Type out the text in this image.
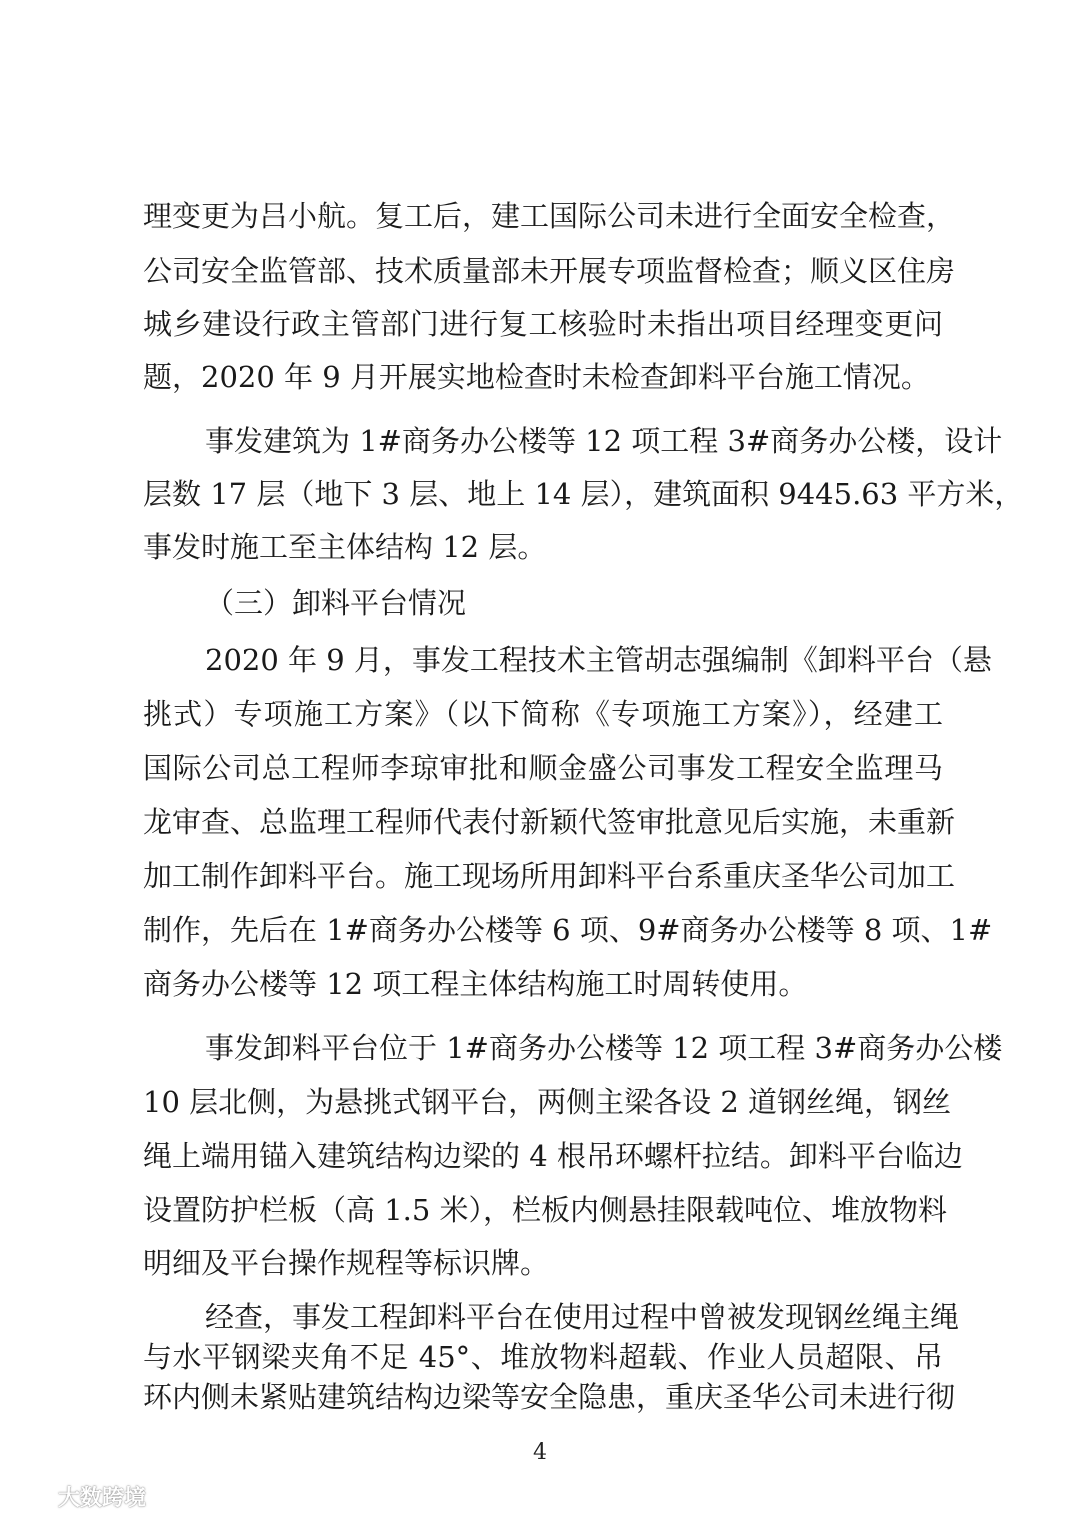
理变更为吕小航。复工后，建工国际公司未进行全面安全检查，
公司安全监管部、技术质量部未开展专项监督检查；顺义区住房
城乡建设行政主管部门进行复工核验时未指出项目经理变更问
题，2020 年 9 月开展实地检查时未检查卸料平台施工情况。
事发建筑为 1#商务办公楼等 12 项工程 3#商务办公楼，设计
层数 17 层（地下 3 层、地上 14 层），建筑面积 9445.63 平方米，
事发时施工至主体结构 12 层。
（三）卸料平台情况
2020 年 9 月，事发工程技术主管胡志强编制《卸料平台（悬
挑式）专项施工方案》（以下简称《专项施工方案》），经建工
国际公司总工程师李琼审批和顺金盛公司事发工程安全监理马
龙审查、总监理工程师代表付新颖代签审批意见后实施，未重新
加工制作卸料平台。施工现场所用卸料平台系重庆圣华公司加工
制作，先后在 1#商务办公楼等 6 项、9#商务办公楼等 8 项、1#
商务办公楼等 12 项工程主体结构施工时周转使用。
事发卸料平台位于 1#商务办公楼等 12 项工程 3#商务办公楼
10 层北侧，为悬挑式钢平台，两侧主梁各设 2 道钢丝绳，钢丝
绳上端用锚入建筑结构边梁的 4 根吊环螺杆拉结。卸料平台临边
设置防护栏板（高 1.5 米），栏板内侧悬挂限载吨位、堆放物料
明细及平台操作规程等标识牌。
经查，事发工程卸料平台在使用过程中曾被发现钢丝绳主绳
与水平钢梁夹角不足 45°、堆放物料超载、作业人员超限、吊
环内侧未紧贴建筑结构边梁等安全隐患，重庆圣华公司未进行彻
4
大数跨境
